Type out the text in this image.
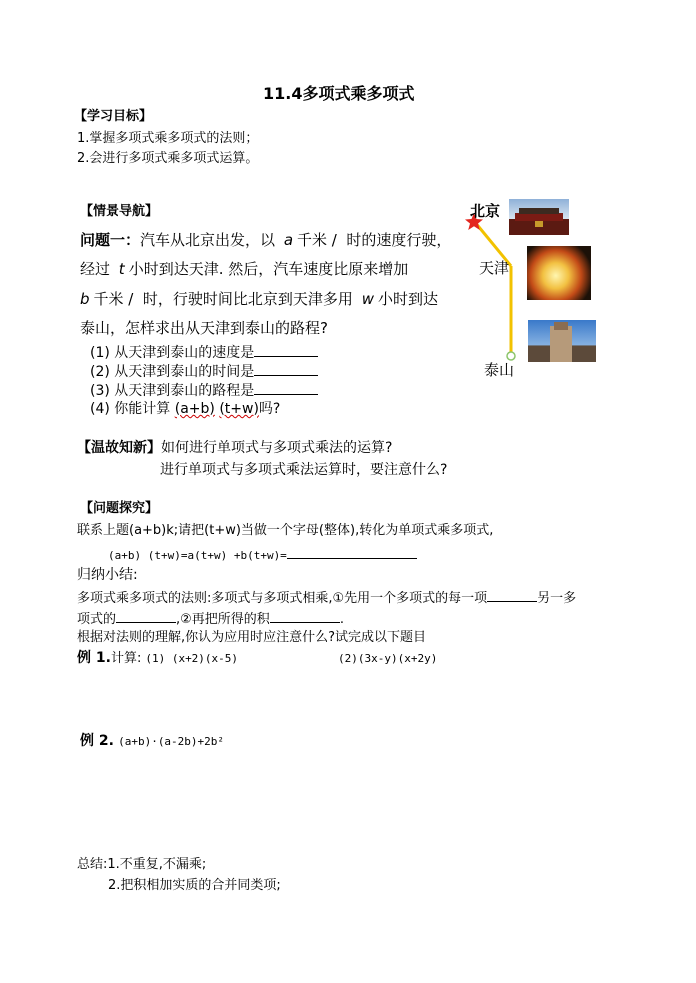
11.4多项式乘多项式
【学习目标】
1.掌握多项式乘多项式的法则；
2.会进行多项式乘多项式运算。
【情景导航】
问题一：汽车从北京出发，以 a 千米 / 时的速度行驶，
经过 t 小时到达天津. 然后，汽车速度比原来增加
b 千米 / 时，行驶时间比北京到天津多用 w 小时到达
泰山，怎样求出从天津到泰山的路程?
(1) 从天津到泰山的速度是
(2) 从天津到泰山的时间是
(3) 从天津到泰山的路程是
(4) 你能计算 (a+b) (t+w)吗?
北京
天津
泰山
【温故知新】如何进行单项式与多项式乘法的运算?
进行单项式与多项式乘法运算时，要注意什么?
【问题探究】
联系上题(a+b)k;请把(t+w)当做一个字母(整体),转化为单项式乘多项式,
(a+b) (t+w)=a(t+w) +b(t+w)=
归纳小结:
多项式乘多项式的法则:多项式与多项式相乘,①先用一个多项式的每一项	另一多
项式的	,②再把所得的积	.
根据对法则的理解,你认为应用时应注意什么?试完成以下题目
例 1.计算: (1) (x+2)(x-5)	(2)(3x-y)(x+2y)
例 2. (a+b)·(a-2b)+2b²
总结:1.不重复,不漏乘;
2.把积相加实质的合并同类项;
